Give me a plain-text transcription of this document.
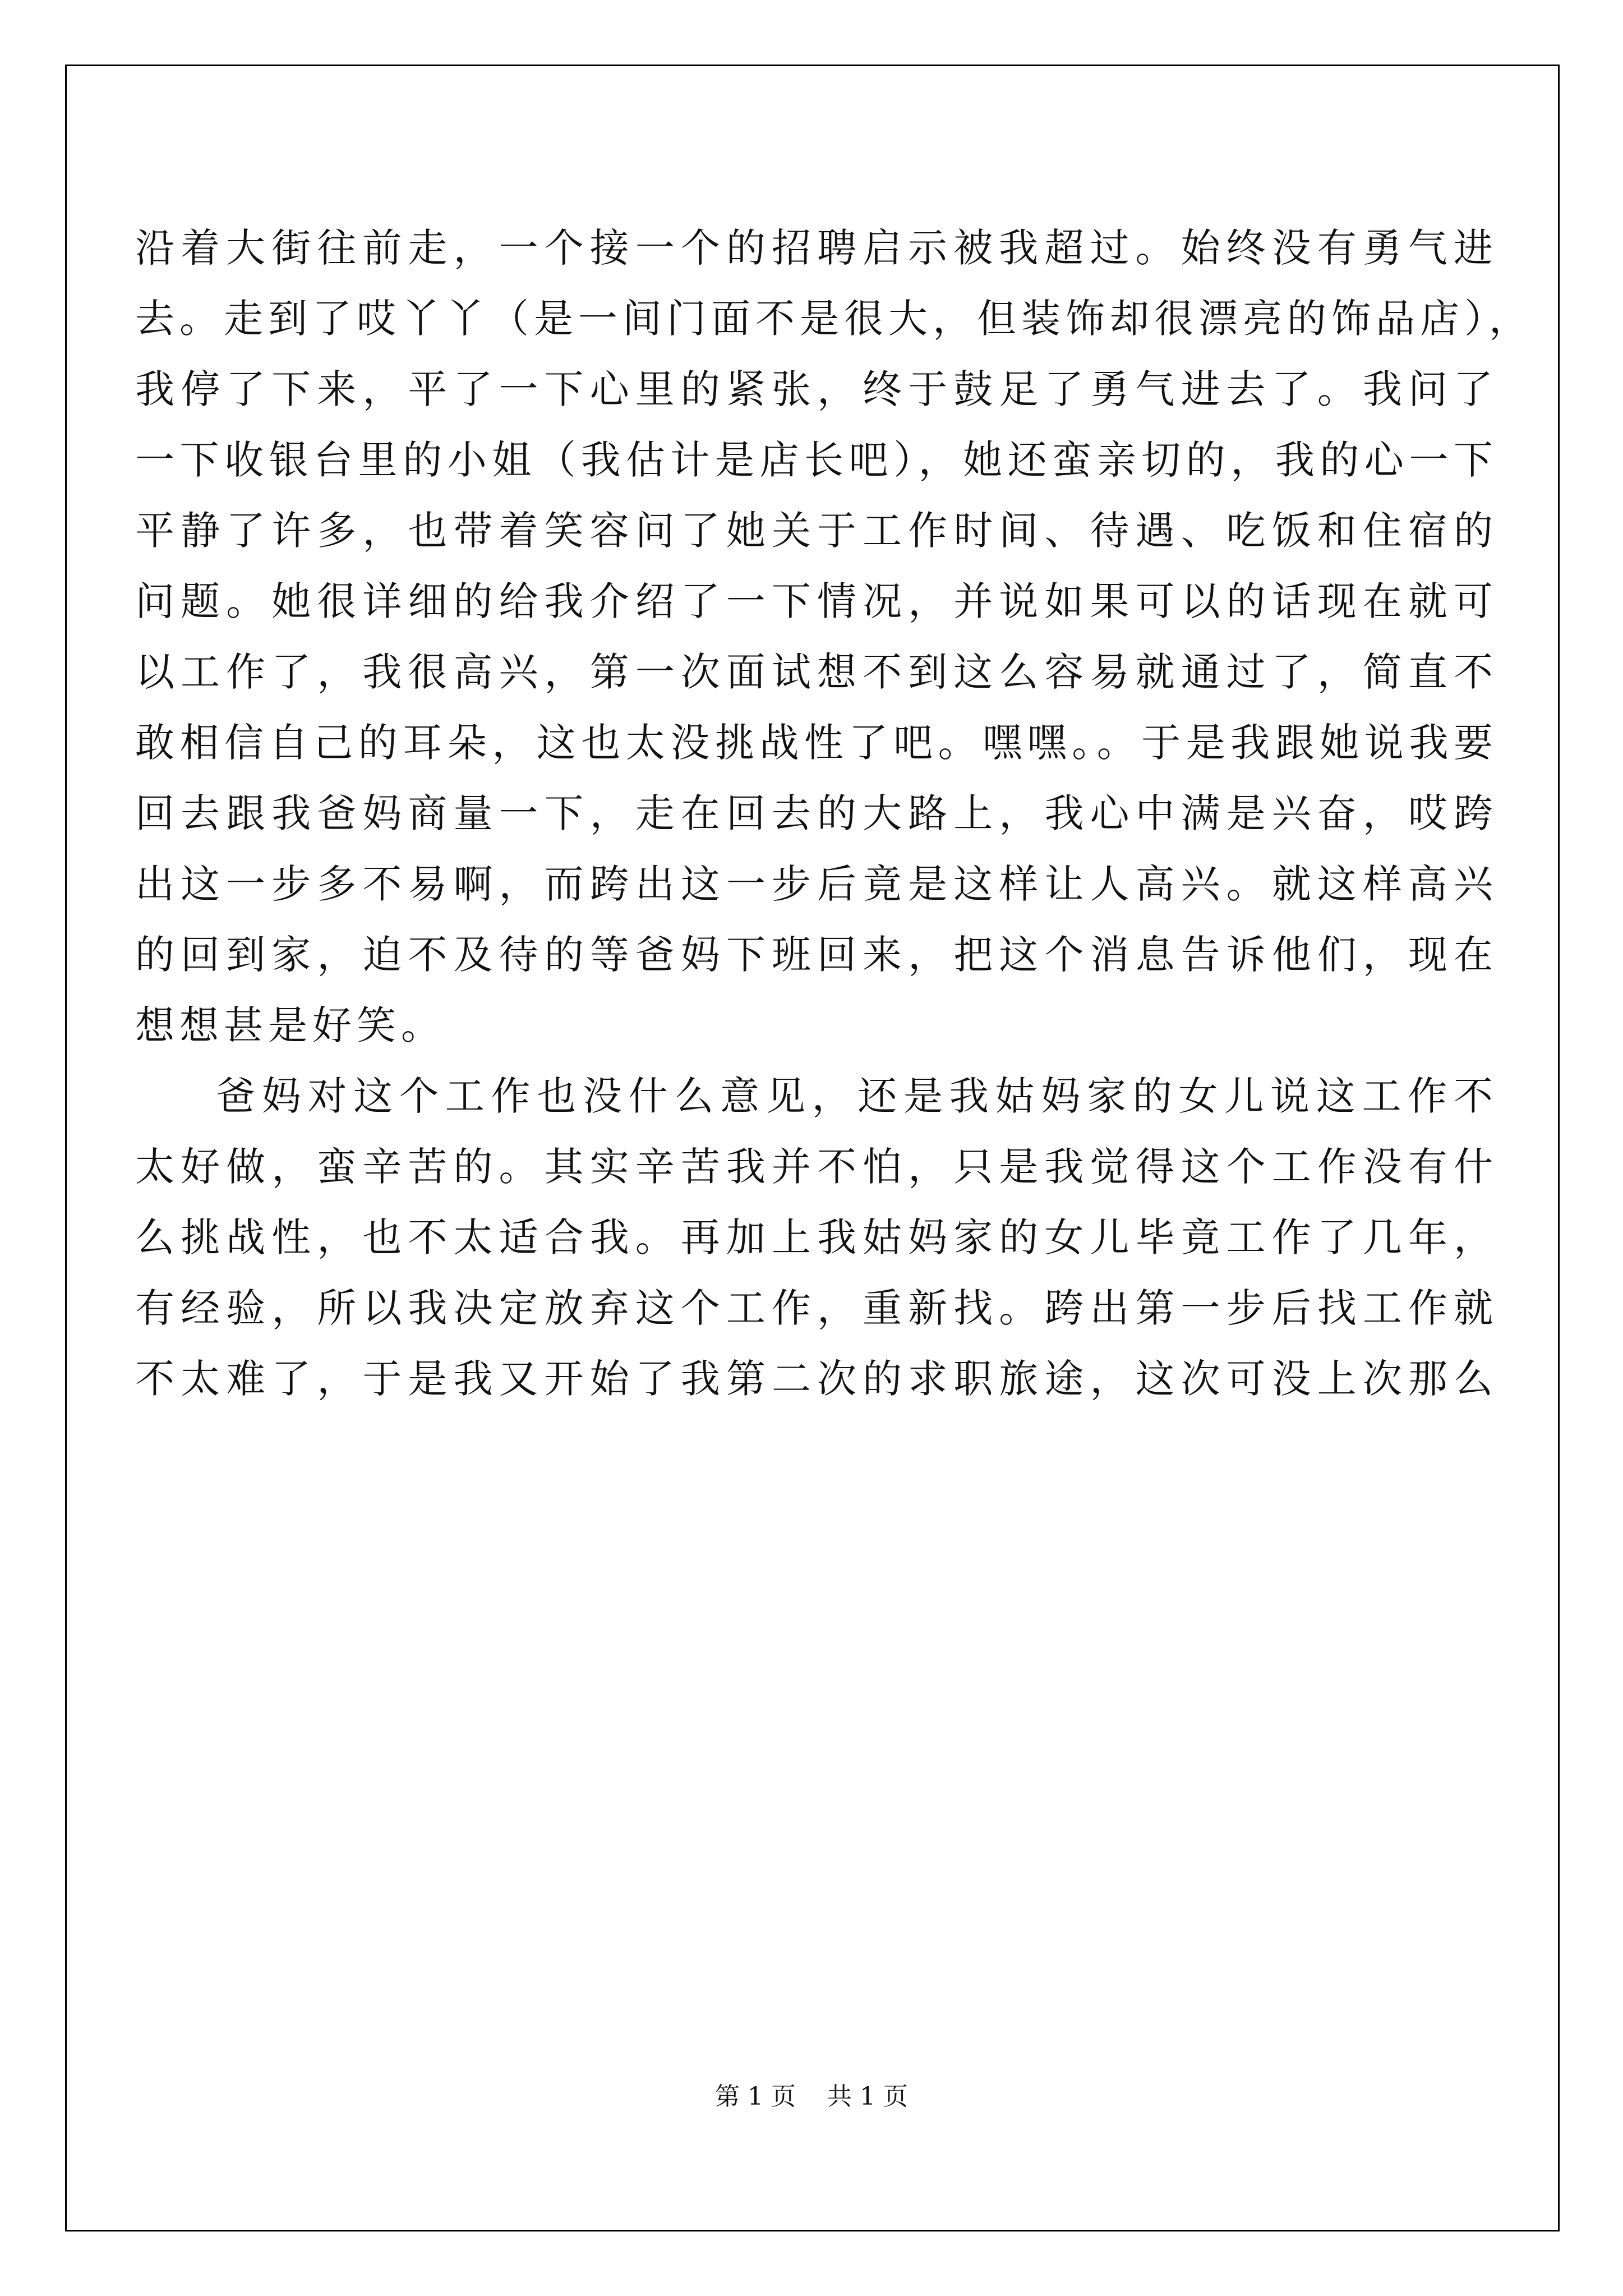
沿着大街往前走，一个接一个的招聘启示被我超过。始终没有勇气进
去。走到了哎丫丫（是一间门面不是很大，但装饰却很漂亮的饰品店），
我停了下来，平了一下心里的紧张，终于鼓足了勇气进去了。我问了
一下收银台里的小姐（我估计是店长吧），她还蛮亲切的，我的心一下
平静了许多，也带着笑容问了她关于工作时间、待遇、吃饭和住宿的
问题。她很详细的给我介绍了一下情况，并说如果可以的话现在就可
以工作了，我很高兴，第一次面试想不到这么容易就通过了，简直不
敢相信自己的耳朵，这也太没挑战性了吧。嘿嘿。。于是我跟她说我要
回去跟我爸妈商量一下，走在回去的大路上，我心中满是兴奋，哎跨
出这一步多不易啊，而跨出这一步后竟是这样让人高兴。就这样高兴
的回到家，迫不及待的等爸妈下班回来，把这个消息告诉他们，现在
想想甚是好笑。
爸妈对这个工作也没什么意见，还是我姑妈家的女儿说这工作不
太好做，蛮辛苦的。其实辛苦我并不怕，只是我觉得这个工作没有什
么挑战性，也不太适合我。再加上我姑妈家的女儿毕竟工作了几年，
有经验，所以我决定放弃这个工作，重新找。跨出第一步后找工作就
不太难了，于是我又开始了我第二次的求职旅途，这次可没上次那么
第 1 页    共 1 页
